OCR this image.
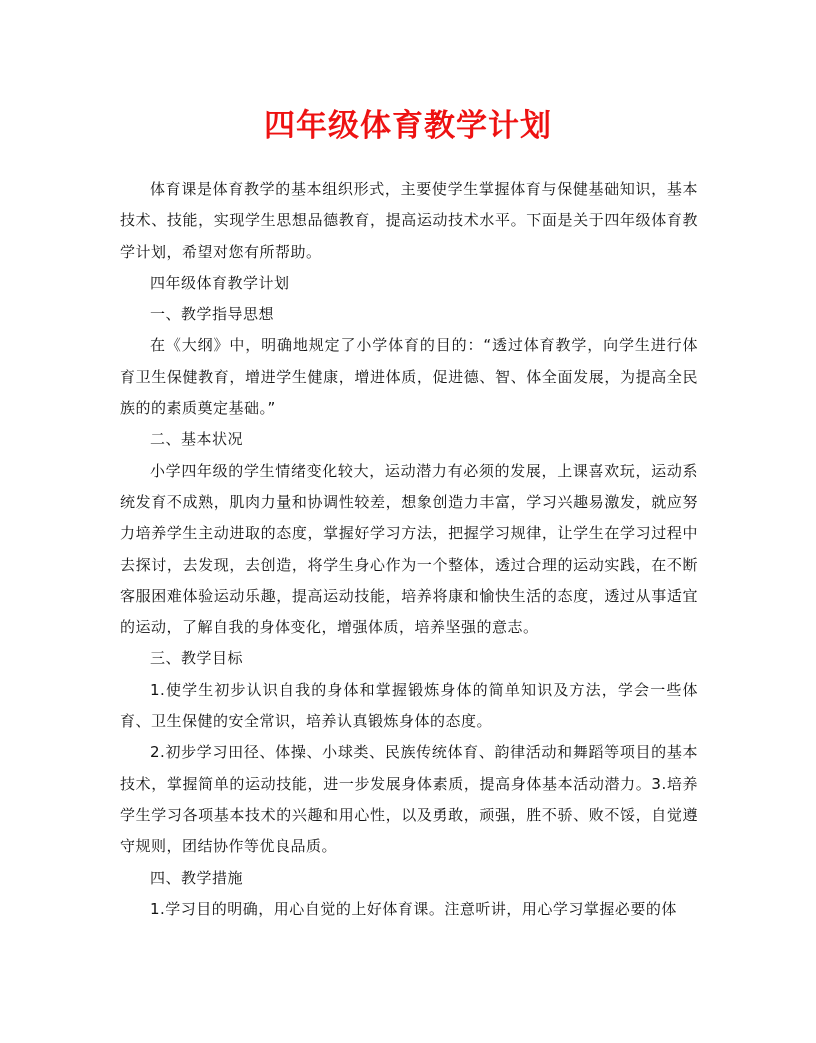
四年级体育教学计划

体育课是体育教学的基本组织形式，主要使学生掌握体育与保健基础知识，基本技术、技能，实现学生思想品德教育，提高运动技术水平。下面是关于四年级体育教学计划，希望对您有所帮助。

四年级体育教学计划

一、教学指导思想

在《大纲》中，明确地规定了小学体育的目的：“透过体育教学，向学生进行体育卫生保健教育，增进学生健康，增进体质，促进德、智、体全面发展，为提高全民族的的素质奠定基础。”

二、基本状况

小学四年级的学生情绪变化较大，运动潜力有必须的发展，上课喜欢玩，运动系统发育不成熟，肌肉力量和协调性较差，想象创造力丰富，学习兴趣易激发，就应努力培养学生主动进取的态度，掌握好学习方法，把握学习规律，让学生在学习过程中去探讨，去发现，去创造，将学生身心作为一个整体，透过合理的运动实践，在不断客服困难体验运动乐趣，提高运动技能，培养将康和愉快生活的态度，透过从事适宜的运动，了解自我的身体变化，增强体质，培养坚强的意志。

三、教学目标

1.使学生初步认识自我的身体和掌握锻炼身体的简单知识及方法，学会一些体育、卫生保健的安全常识，培养认真锻炼身体的态度。

2.初步学习田径、体操、小球类、民族传统体育、韵律活动和舞蹈等项目的基本技术，掌握简单的运动技能，进一步发展身体素质，提高身体基本活动潜力。3.培养学生学习各项基本技术的兴趣和用心性，以及勇敢，顽强，胜不骄、败不馁，自觉遵守规则，团结协作等优良品质。

四、教学措施

1.学习目的明确，用心自觉的上好体育课。注意听讲，用心学习掌握必要的体
